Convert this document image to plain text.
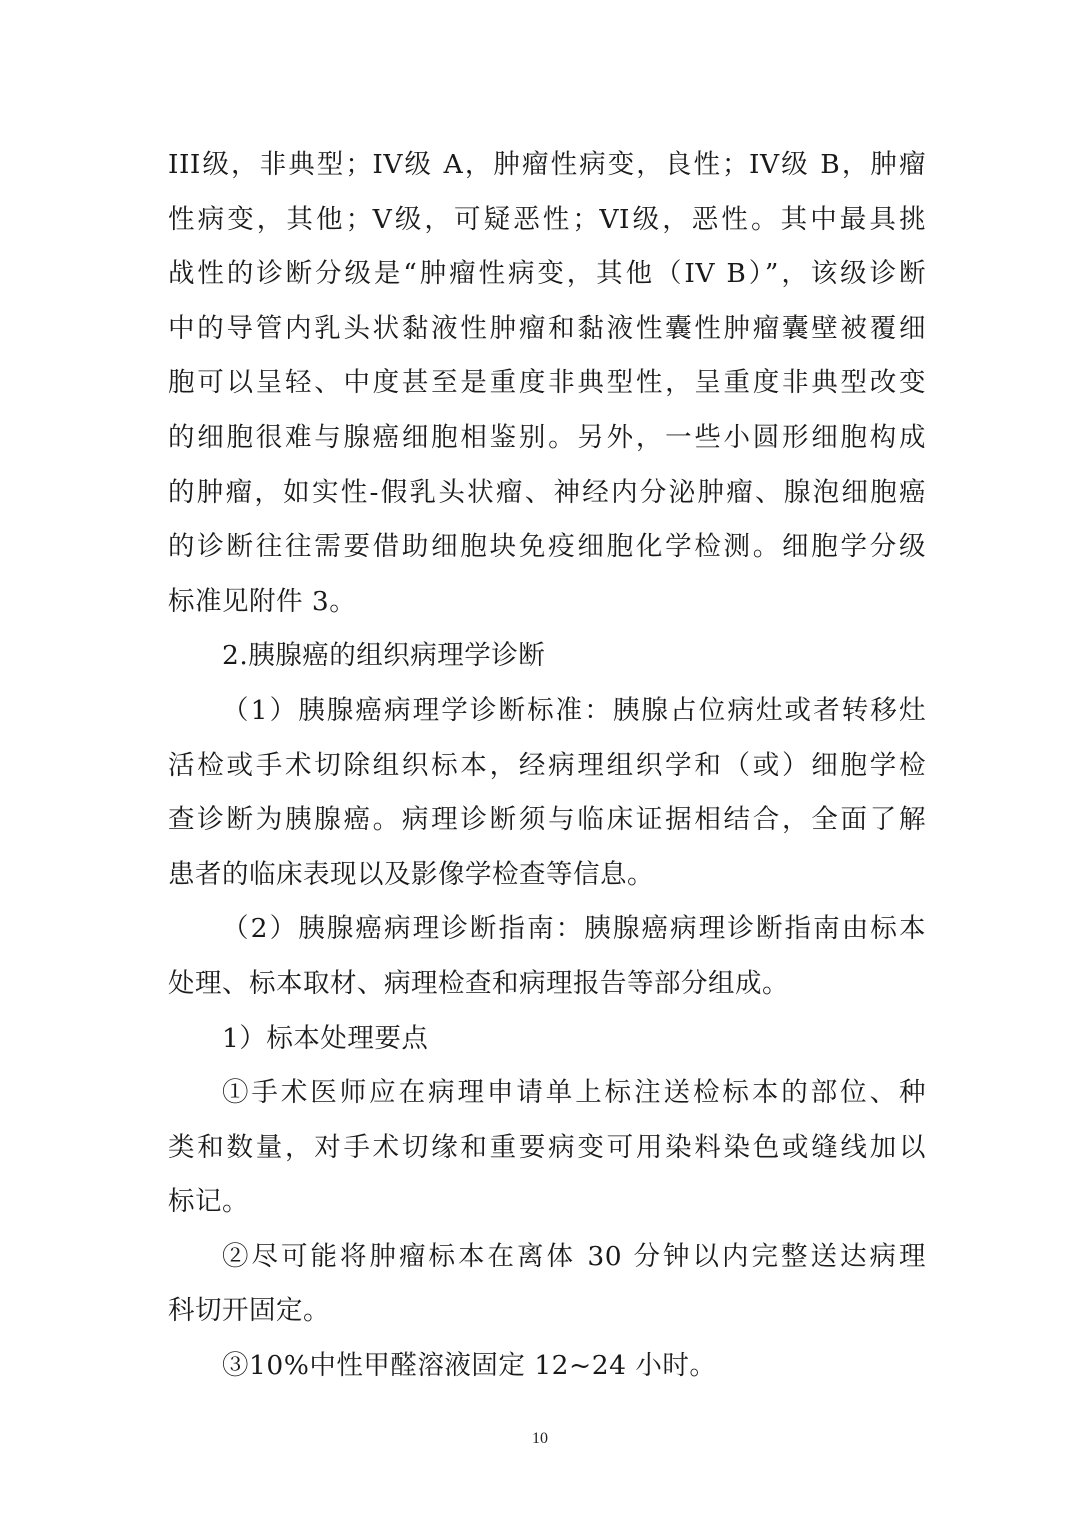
III级，非典型；IV级 A，肿瘤性病变，良性；IV级 B，肿瘤
性病变，其他；V级，可疑恶性；VI级，恶性。其中最具挑
战性的诊断分级是“肿瘤性病变，其他（IV B）”，该级诊断
中的导管内乳头状黏液性肿瘤和黏液性囊性肿瘤囊壁被覆细
胞可以呈轻、中度甚至是重度非典型性，呈重度非典型改变
的细胞很难与腺癌细胞相鉴别。另外，一些小圆形细胞构成
的肿瘤，如实性-假乳头状瘤、神经内分泌肿瘤、腺泡细胞癌
的诊断往往需要借助细胞块免疫细胞化学检测。细胞学分级
标准见附件 3。
2.胰腺癌的组织病理学诊断
（1）胰腺癌病理学诊断标准：胰腺占位病灶或者转移灶
活检或手术切除组织标本，经病理组织学和（或）细胞学检
查诊断为胰腺癌。病理诊断须与临床证据相结合，全面了解
患者的临床表现以及影像学检查等信息。
（2）胰腺癌病理诊断指南：胰腺癌病理诊断指南由标本
处理、标本取材、病理检查和病理报告等部分组成。
1）标本处理要点
①手术医师应在病理申请单上标注送检标本的部位、种
类和数量，对手术切缘和重要病变可用染料染色或缝线加以
标记。
②尽可能将肿瘤标本在离体 30 分钟以内完整送达病理
科切开固定。
③10%中性甲醛溶液固定 12~24 小时。
10
